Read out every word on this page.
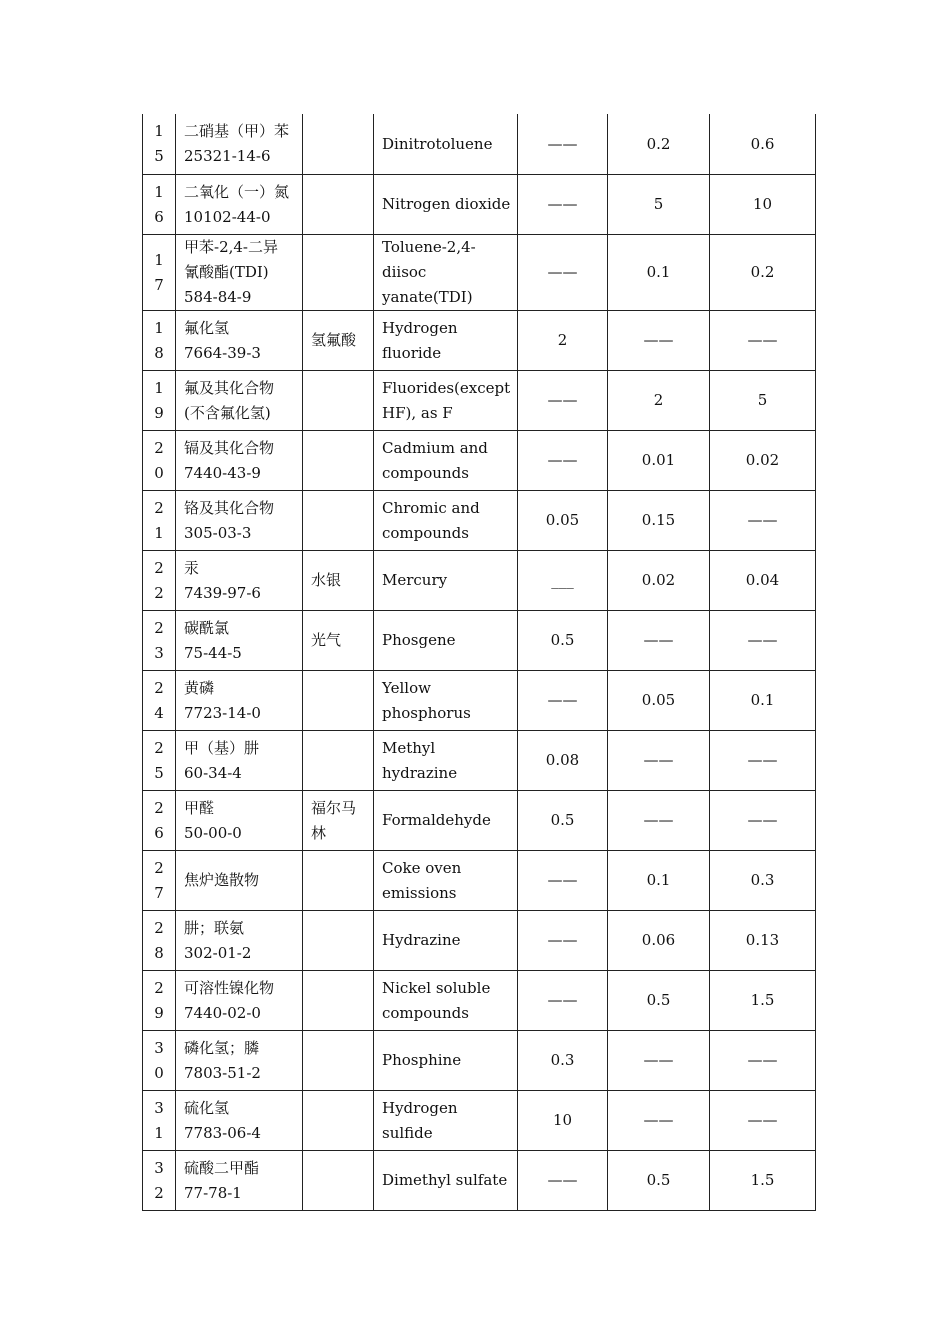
1
5	二硝基（甲）苯
25321-14-6		Dinitrotoluene	——	0.2	0.6

1
6	二氧化（一）氮
10102-44-0		Nitrogen dioxide	——	5	10

1
7	甲苯-2,4-二异
氰酸酯(TDI)
584-84-9		Toluene-2,4-diisoc
yanate(TDI)	——	0.1	0.2

1
8	氟化氢
7664-39-3	氢氟酸	Hydrogen fluoride	2	——	——

1
9	氟及其化合物
(不含氟化氢)		Fluorides(except
HF), as F	——	2	5

2
0	镉及其化合物
7440-43-9		Cadmium and
compounds	——	0.01	0.02

2
1	铬及其化合物
305-03-3		Chromic and
compounds	0.05	0.15	——

2
2	汞
7439-97-6	水银	Mercury	___	0.02	0.04

2
3	碳酰氯
75-44-5	光气	Phosgene	0.5	——	——

2
4	黄磷
7723-14-0		Yellow
phosphorus	——	0.05	0.1

2
5	甲（基）肼
60-34-4		Methyl hydrazine	0.08	——	——

2
6	甲醛
50-00-0	福尔马林	Formaldehyde	0.5	——	——

2
7	焦炉逸散物		Coke oven
emissions	——	0.1	0.3

2
8	肼；联氨
302-01-2		Hydrazine	——	0.06	0.13

2
9	可溶性镍化物
7440-02-0		Nickel soluble
compounds	——	0.5	1.5

3
0	磷化氢；膦
7803-51-2		Phosphine	0.3	——	——

3
1	硫化氢
7783-06-4		Hydrogen sulfide	10	——	——

3
2	硫酸二甲酯
77-78-1		Dimethyl sulfate	——	0.5	1.5
